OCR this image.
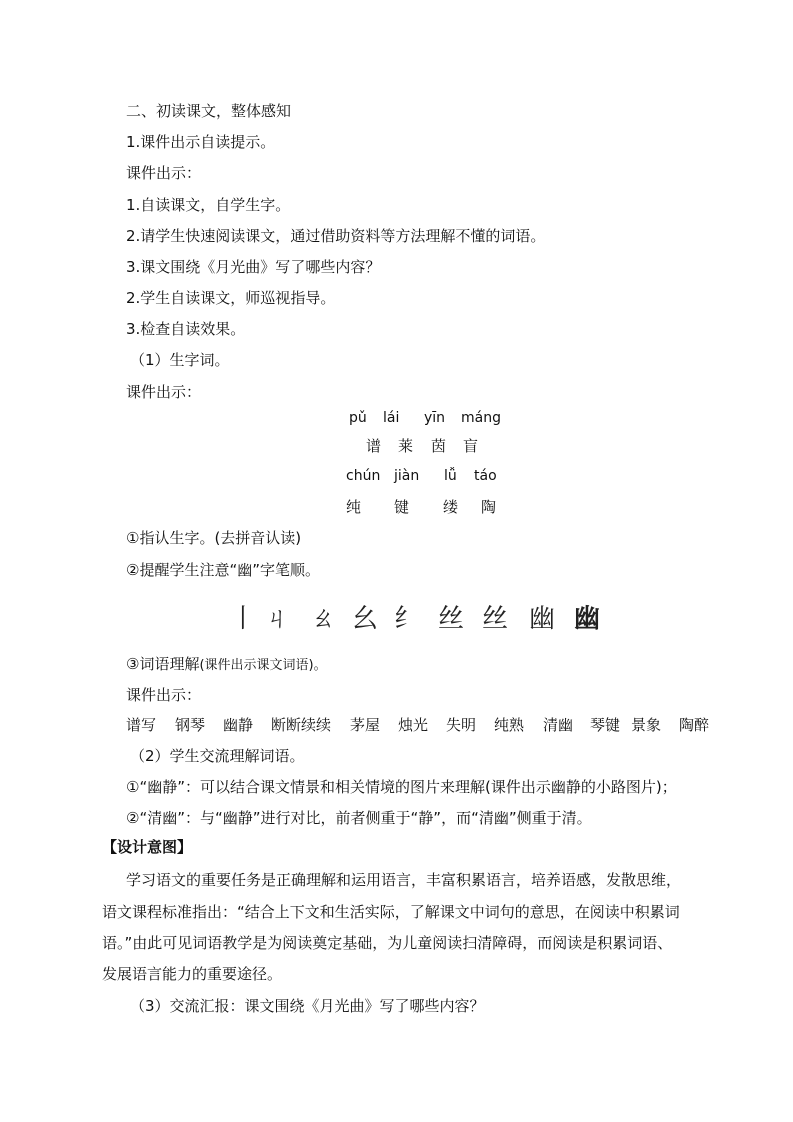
二、初读课文，整体感知
1.课件出示自读提示。
课件出示：
1.自读课文，自学生字。
2.请学生快速阅读课文，通过借助资料等方法理解不懂的词语。
3.课文围绕《月光曲》写了哪些内容？
2.学生自读课文，师巡视指导。
3.检查自读效果。
（1）生字词。
课件出示：
pǔ lái yīn máng
谱 莱 茵 盲
chún jiàn lǚ táo
纯 键 缕 陶
①指认生字。(去拼音认读)
②提醒学生注意“幽”字笔顺。
丨 ㄐ ㄠ 幺 纟 丝 丝 幽 幽
③词语理解(课件出示课文词语)。
课件出示：
谱写 钢琴 幽静 断断续续 茅屋 烛光 失明 纯熟 清幽 琴键 景象 陶醉
（2）学生交流理解词语。
①“幽静”：可以结合课文情景和相关情境的图片来理解(课件出示幽静的小路图片)；
②“清幽”：与“幽静”进行对比，前者侧重于“静”，而“清幽”侧重于清。
【设计意图】
学习语文的重要任务是正确理解和运用语言，丰富积累语言，培养语感，发散思维，
语文课程标准指出：“结合上下文和生活实际，了解课文中词句的意思，在阅读中积累词
语。”由此可见词语教学是为阅读奠定基础，为儿童阅读扫清障碍，而阅读是积累词语、
发展语言能力的重要途径。
（3）交流汇报：课文围绕《月光曲》写了哪些内容？
